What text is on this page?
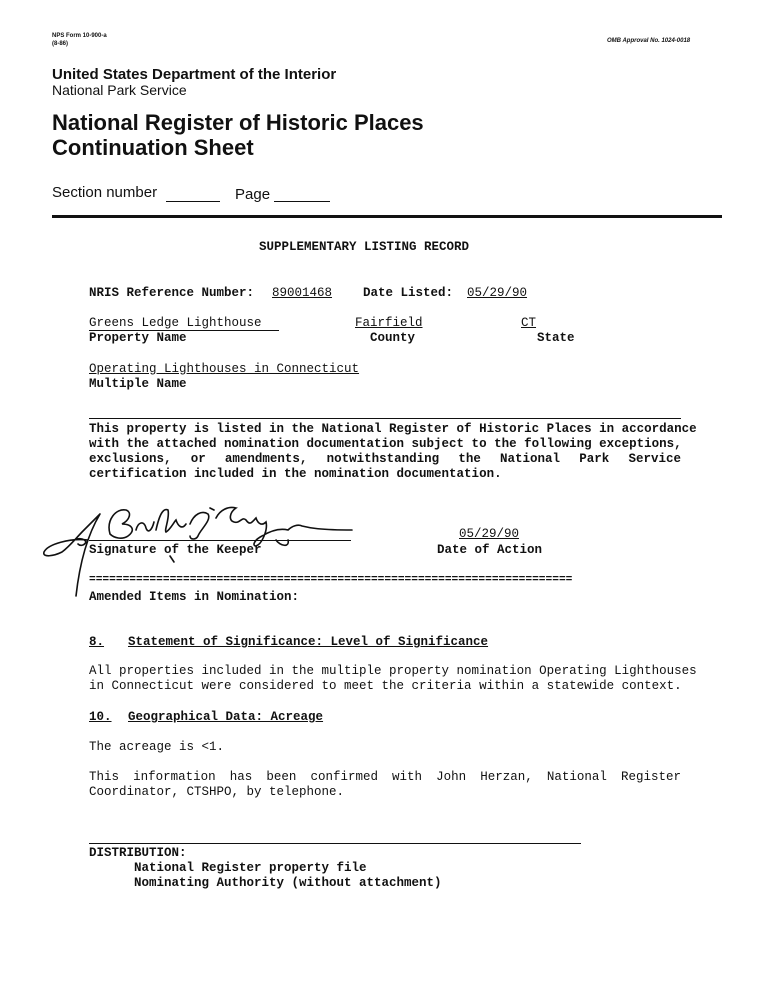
NPS Form 10-900-a
(8-86)	OMB Approval No. 1024-0018
United States Department of the Interior
National Park Service
National Register of Historic Places
Continuation Sheet
Section number	Page
SUPPLEMENTARY LISTING RECORD
NRIS Reference Number: 89001468 Date Listed: 05/29/90
Greens Ledge Lighthouse
Property Name
Fairfield
County
CT
State
Operating Lighthouses in Connecticut
Multiple Name
This property is listed in the National Register of Historic Places in accordance
with the attached nomination documentation subject to the following exceptions,
exclusions, or amendments, notwithstanding the National Park Service
certification included in the nomination documentation.
Signature of the Keeper
05/29/90
Date of Action
========================================================================
Amended Items in Nomination:
8. Statement of Significance: Level of Significance
All properties included in the multiple property nomination Operating Lighthouses
in Connecticut were considered to meet the criteria within a statewide context.
10. Geographical Data: Acreage
The acreage is <1.
This information has been confirmed with John Herzan, National Register
Coordinator, CTSHPO, by telephone.
DISTRIBUTION:
National Register property file
Nominating Authority (without attachment)
